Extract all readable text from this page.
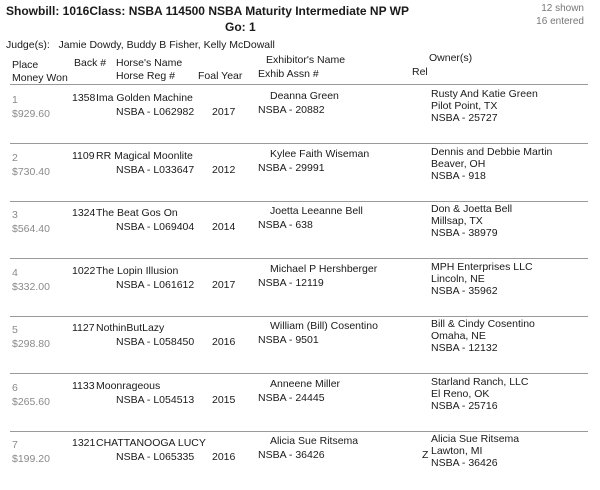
Showbill: 1016Class: NSBA 114500 NSBA Maturity Intermediate NP WP
Go: 1
12 shown
16 entered
Judge(s):   Jamie Dowdy, Buddy B Fisher, Kelly McDowall
Place
Money Won
Back # Horse's Name
Horse Reg # Foal Year
Exhibitor's Name
Exhib Assn #
Owner(s)
Rel
1
$929.60
1358 Ima Golden Machine
NSBA - L062982 2017
Deanna Green
NSBA - 20882
Rusty And Katie Green
Pilot Point, TX
NSBA - 25727
2
$730.40
1109 RR Magical Moonlite
NSBA - L033647 2012
Kylee Faith Wiseman
NSBA - 29991
Dennis and Debbie Martin
Beaver, OH
NSBA - 918
3
$564.40
1324 The Beat Gos On
NSBA - L069404 2014
Joetta Leeanne Bell
NSBA - 638
Don & Joetta Bell
Millsap, TX
NSBA - 38979
4
$332.00
1022 The Lopin Illusion
NSBA - L061612 2017
Michael P Hershberger
NSBA - 12119
MPH Enterprises LLC
Lincoln, NE
NSBA - 35962
5
$298.80
1127 NothinButLazy
NSBA - L058450 2016
William (Bill) Cosentino
NSBA - 9501
Bill & Cindy Cosentino
Omaha, NE
NSBA - 12132
6
$265.60
1133 Moonrageous
NSBA - L054513 2015
Anneene Miller
NSBA - 24445
Starland Ranch, LLC
El Reno, OK
NSBA - 25716
7
$199.20
1321 CHATTANOOGA LUCY
NSBA - L065335 2016
Alicia Sue Ritsema
NSBA - 36426	Z
Alicia Sue Ritsema
Lawton, MI
NSBA - 36426
